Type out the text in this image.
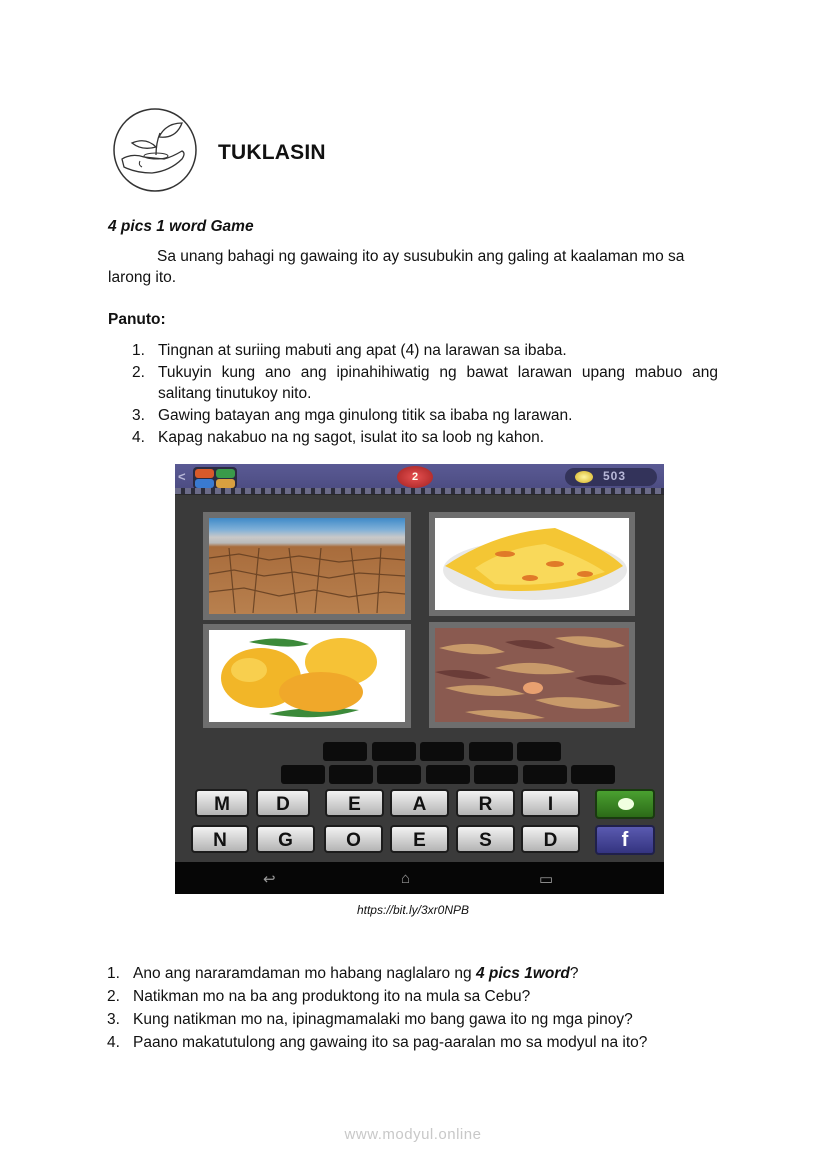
TUKLASIN
4 pics 1 word Game
Sa unang bahagi ng gawaing ito ay susubukin ang galing at kaalaman mo sa larong ito.
Panuto:
1. Tingnan at suriing mabuti ang apat (4) na larawan sa ibaba.
2. Tukuyin kung ano ang ipinahihiwatig ng bawat larawan upang mabuo ang salitang tinutukoy nito.
3. Gawing batayan ang mga ginulong titik sa ibaba ng larawan.
4. Kapag nakabuo na ng sagot, isulat ito sa loob ng kahon.
<	2	503
M	D	E	A	R	I
N	G	O	E	S	D	f
↩	⌂	▭
https://bit.ly/3xr0NPB
1. Ano ang nararamdaman mo habang naglalaro ng 4 pics 1word?
2. Natikman mo na ba ang produktong ito na mula sa Cebu?
3. Kung natikman mo na, ipinagmamalaki mo bang gawa ito ng mga pinoy?
4. Paano makatutulong ang gawaing ito sa pag-aaralan mo sa modyul na ito?
www.modyul.online
